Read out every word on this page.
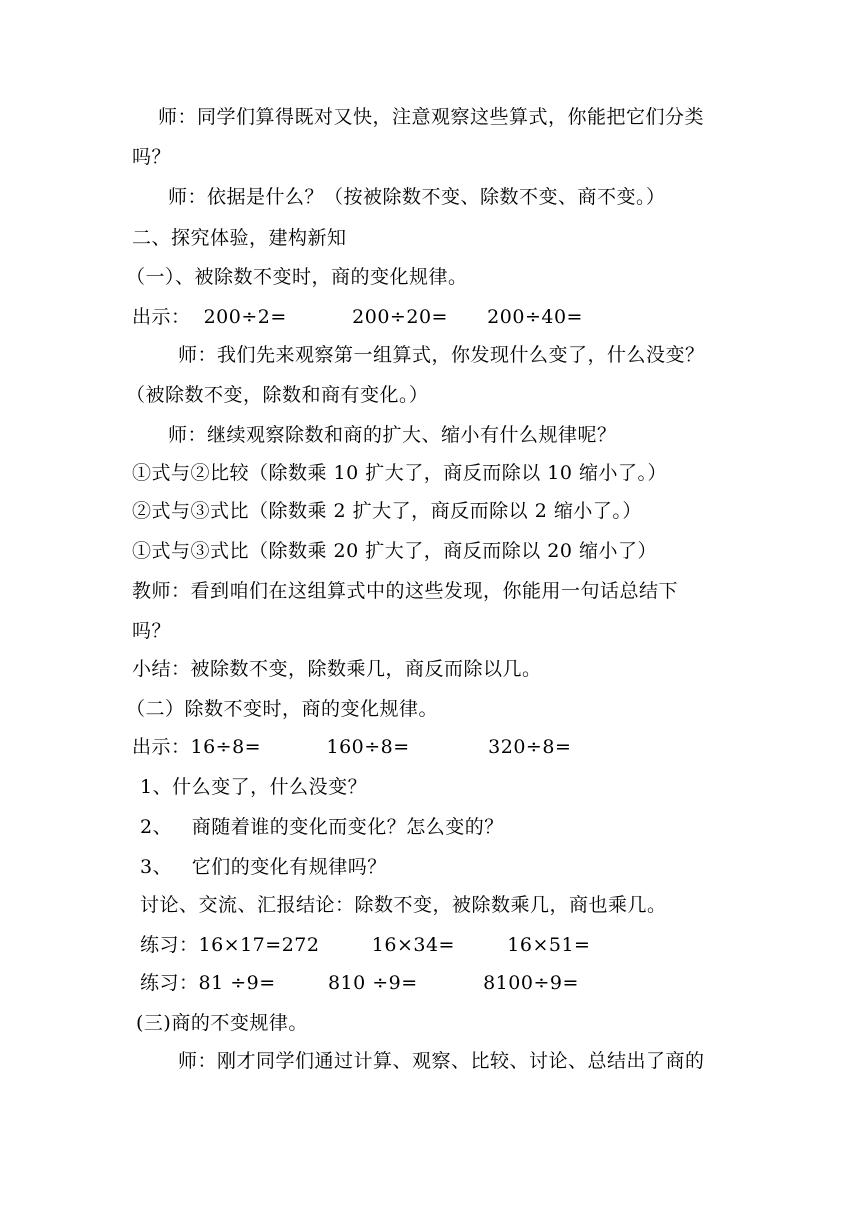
师：同学们算得既对又快，注意观察这些算式，你能把它们分类
吗？
师：依据是什么？（按被除数不变、除数不变、商不变。）
二、探究体验，建构新知
（一）、被除数不变时，商的变化规律。
出示：  200÷2=          200÷20=      200÷40=
师：我们先来观察第一组算式，你发现什么变了，什么没变？
（被除数不变，除数和商有变化。）
师：继续观察除数和商的扩大、缩小有什么规律呢？
①式与②比较（除数乘 10 扩大了，商反而除以 10 缩小了。）
②式与③式比（除数乘 2 扩大了，商反而除以 2 缩小了。）
①式与③式比（除数乘 20 扩大了，商反而除以 20 缩小了）
教师：看到咱们在这组算式中的这些发现，你能用一句话总结下
吗？
小结：被除数不变，除数乘几，商反而除以几。
（二）除数不变时，商的变化规律。
出示：16÷8=          160÷8=            320÷8=
1、什么变了，什么没变？
2、   商随着谁的变化而变化？怎么变的？
3、   它们的变化有规律吗？
讨论、交流、汇报结论：除数不变，被除数乘几，商也乘几。
练习：16×17=272        16×34=        16×51=
练习：81 ÷9=        810 ÷9=          8100÷9=
(三)商的不变规律。
师：刚才同学们通过计算、观察、比较、讨论、总结出了商的
